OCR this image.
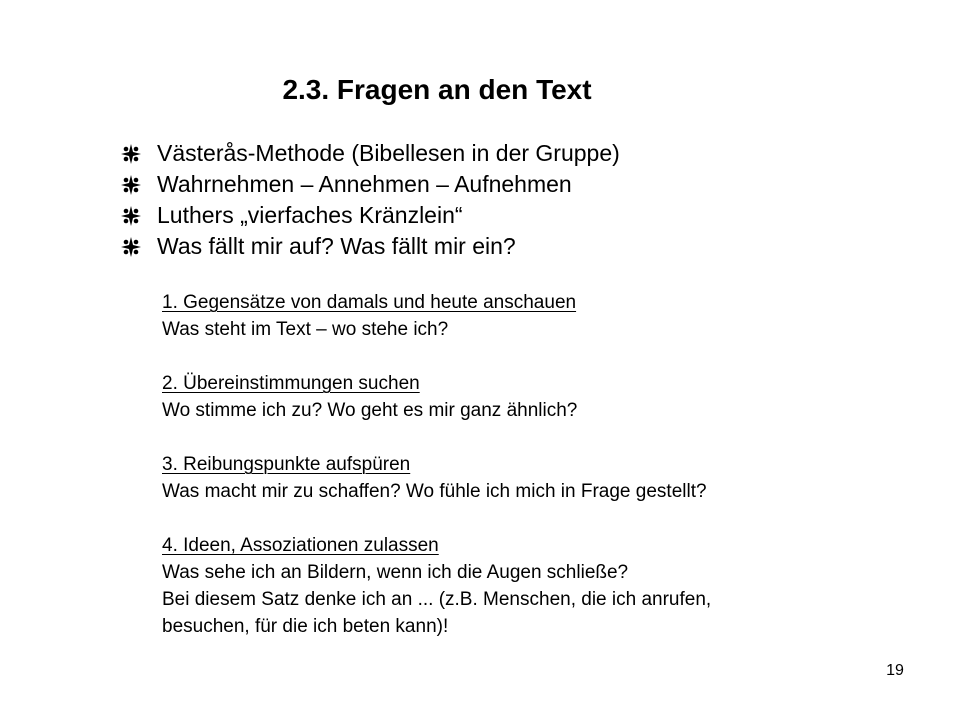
2.3. Fragen an den Text
Västerås-Methode (Bibellesen in der Gruppe)
Wahrnehmen – Annehmen – Aufnehmen
Luthers „vierfaches Kränzlein“
Was fällt mir auf? Was fällt mir ein?
1. Gegensätze von damals und heute anschauen
Was steht im Text – wo stehe ich?
2. Übereinstimmungen suchen
Wo stimme ich zu? Wo geht es mir ganz ähnlich?
3. Reibungspunkte aufspüren
Was macht mir zu schaffen? Wo fühle ich mich in Frage gestellt?
4. Ideen, Assoziationen zulassen
Was sehe ich an Bildern, wenn ich die Augen schließe?
Bei diesem Satz denke ich an ... (z.B. Menschen, die ich anrufen,
besuchen, für die ich beten kann)!
19
